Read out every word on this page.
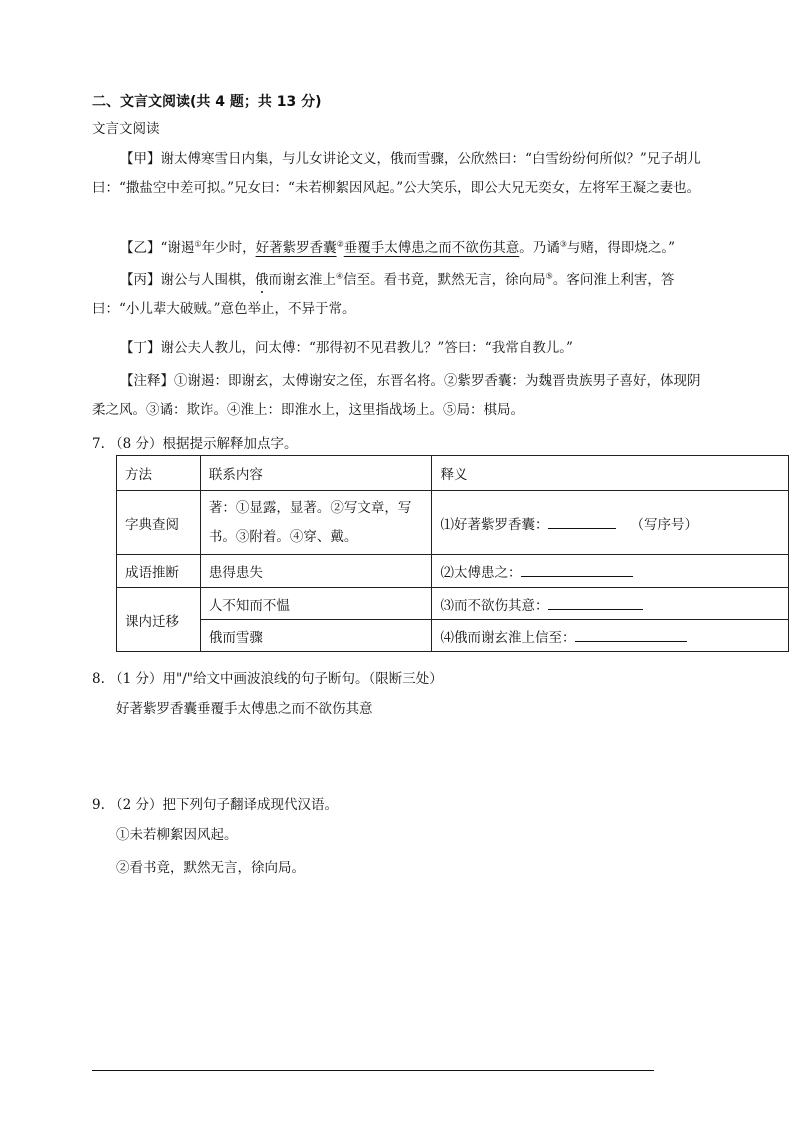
二、文言文阅读(共 4 题；共 13 分)
文言文阅读
【甲】谢太傅寒雪日内集，与儿女讲论文义，俄而雪骤，公欣然曰：“白雪纷纷何所似？”兄子胡儿曰：“撒盐空中差可拟。”兄女曰：“未若柳絮因风起。”公大笑乐，即公大兄无奕女，左将军王凝之妻也。
【乙】“谢遏①年少时，好著紫罗香囊②垂覆手太傅患之而不欲伤其意。乃谲③与赌，得即烧之。”
【丙】谢公与人围棋，俄而谢玄淮上④信至。看书竟，默然无言，徐向局⑤。客问淮上利害，答曰：“小儿辈大破贼。”意色举止，不异于常。
【丁】谢公夫人教儿，问太傅：“那得初不见君教儿？”答曰：“我常自教儿。”
【注释】①谢遏：即谢玄，太傅谢安之侄，东晋名将。②紫罗香囊：为魏晋贵族男子喜好，体现阴柔之风。③谲：欺诈。④淮上：即淮水上，这里指战场上。⑤局：棋局。
7. （8 分）根据提示解释加点字。
方法	联系内容	释义
字典查阅	著：①显露，显著。②写文章，写书。③附着。④穿、戴。	⑴好著紫罗香囊： （写序号）
成语推断	患得患失	⑵太傅患之：
课内迁移	人不知而不愠	⑶而不欲伤其意：
	俄而雪骤	⑷俄而谢玄淮上信至：
8. （1 分）用"/"给文中画波浪线的句子断句。（限断三处）
好著紫罗香囊垂覆手太傅患之而不欲伤其意
9. （2 分）把下列句子翻译成现代汉语。
①未若柳絮因风起。
②看书竟，默然无言，徐向局。
